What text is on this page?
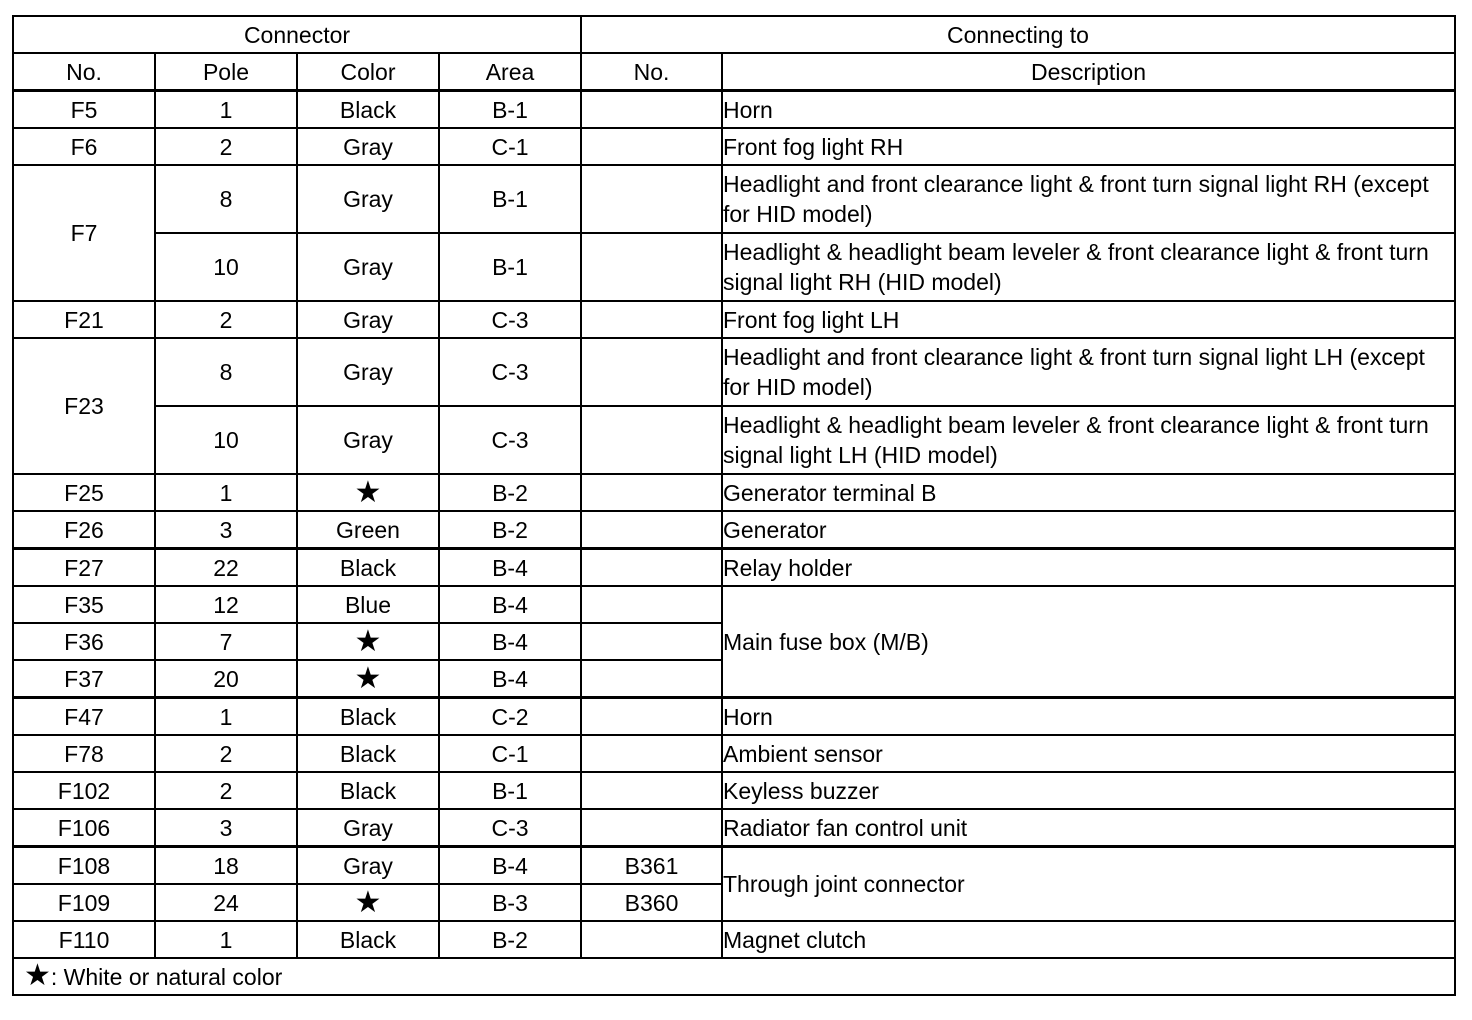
Connector				Connecting to	
No.	Pole	Color	Area	No.	Description
F5	1	Black	B-1		Horn
F6	2	Gray	C-1		Front fog light RH
F7	8	Gray	B-1		Headlight and front clearance light & front turn signal light RH (except for HID model)
	10	Gray	B-1		Headlight & headlight beam leveler & front clearance light & front turn signal light RH (HID model)
F21	2	Gray	C-3		Front fog light LH
F23	8	Gray	C-3		Headlight and front clearance light & front turn signal light LH (except for HID model)
	10	Gray	C-3		Headlight & headlight beam leveler & front clearance light & front turn signal light LH (HID model)
F25	1	★	B-2		Generator terminal B
F26	3	Green	B-2		Generator
F27	22	Black	B-4		Relay holder
F35	12	Blue	B-4		Main fuse box (M/B)
F36	7	★	B-4		
F37	20	★	B-4		
F47	1	Black	C-2		Horn
F78	2	Black	C-1		Ambient sensor
F102	2	Black	B-1		Keyless buzzer
F106	3	Gray	C-3		Radiator fan control unit
F108	18	Gray	B-4	B361	Through joint connector
F109	24	★	B-3	B360	
F110	1	Black	B-2		Magnet clutch
★: White or natural color					
